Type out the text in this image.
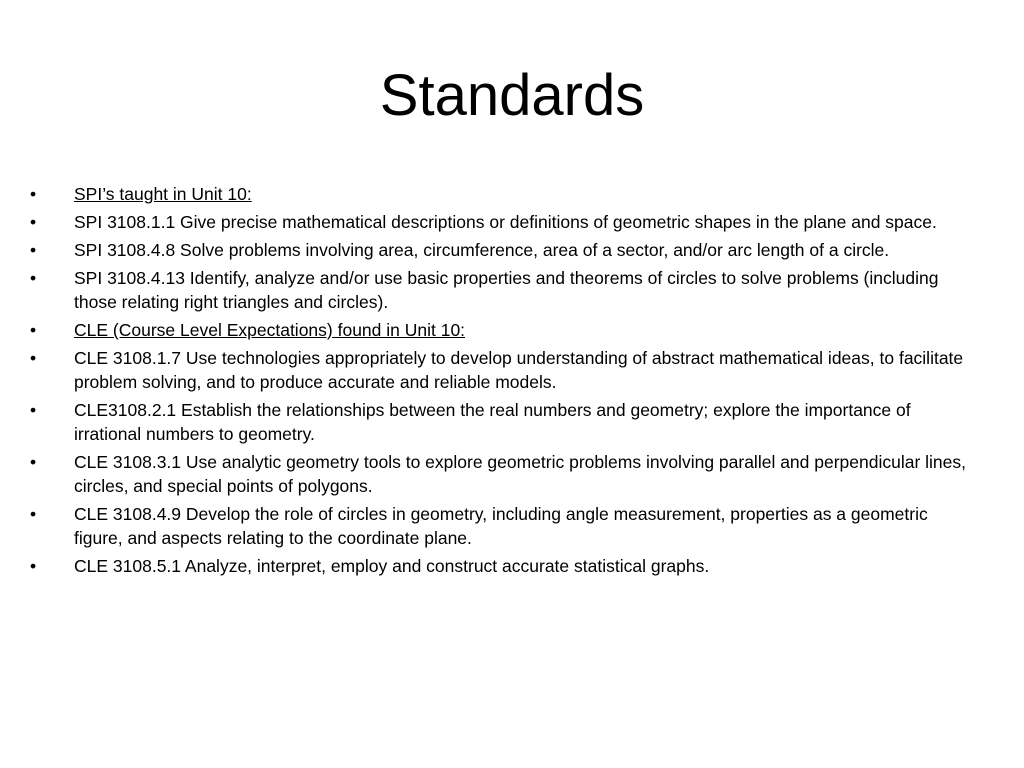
Standards
•	SPI’s taught in Unit 10:
•	SPI 3108.1.1 Give precise mathematical descriptions or definitions of geometric shapes in the plane and space.
•	SPI 3108.4.8 Solve problems involving area, circumference, area of a sector, and/or arc length of a circle.
•	SPI 3108.4.13 Identify, analyze and/or use basic properties and theorems of circles to solve problems (including those relating right triangles and circles).
•	CLE (Course Level Expectations) found in Unit 10:
•	CLE 3108.1.7 Use technologies appropriately to develop understanding of abstract mathematical ideas, to facilitate problem solving, and to produce accurate and reliable models.
•	CLE3108.2.1 Establish the relationships between the real numbers and geometry; explore the importance of irrational numbers to geometry.
•	CLE 3108.3.1 Use analytic geometry tools to explore geometric problems involving parallel and perpendicular lines, circles, and special points of polygons.
•	CLE 3108.4.9 Develop the role of circles in geometry, including angle measurement, properties as a geometric figure, and aspects relating to the coordinate plane.
•	CLE 3108.5.1 Analyze, interpret, employ and construct accurate statistical graphs.
